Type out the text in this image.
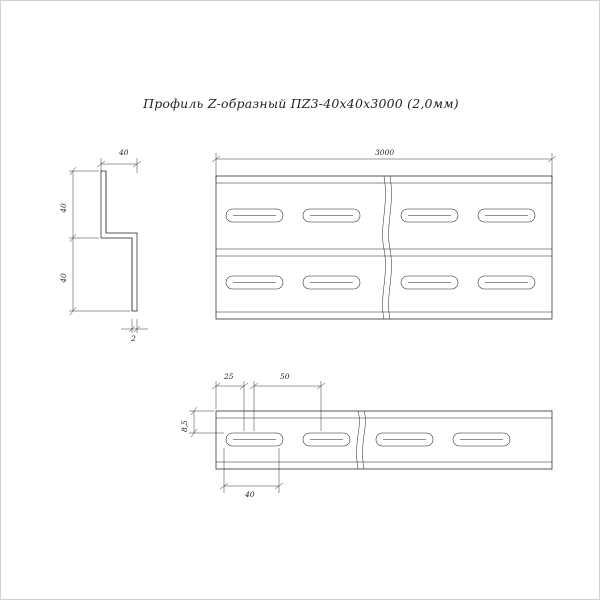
Профиль Z-образный ПZ3-40x40x3000 (2,0мм)
40
40
40
2
3000
25	50
8,5
40
